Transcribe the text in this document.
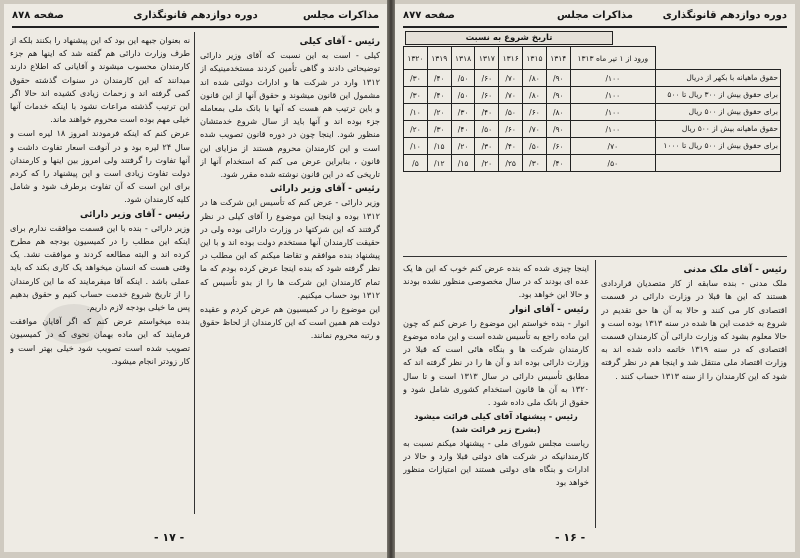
مذاکرات مجلس
دوره دوازدهم قانونگذاری
صفحه ۸۷۸
رئیس - آقای کیلی

کیلی - است به این نسبت که آقای وزیر دارائی توضیحاتی دادند و گاهی تأمین کردند مستخدمینیکه از ۱۳۱۲ وارد در شرکت ها و ادارات دولتی شده اند مشمول این قانون میشوند و حقوق آنها از این قانون و باین ترتیب هم هست که آنها با بانک ملی بمعامله جزء بوده اند و آنها باید از سال شروع خدمتشان منظور شود. اینجا چون در دوره قانون تصویب شده است و این کارمندان محروم هستند از مزایای این قانون ، بنابراین عرض می کنم که استخدام آنها از تاریخی که در این قانون نوشته شده مقرر شود.

رئیس - آقای وزیر دارائی

وزیر دارائی - عرض کنم که تأسیس این شرکت ها در ۱۳۱۲ بوده و اینجا این موضوع را آقای کیلی در نظر گرفتند که این شرکتها در وزارت دارائی بوده ولی در حقیقت کارمندان آنها مستخدم دولت بوده اند و با این پیشنهاد بنده موافقم و تقاضا میکنم که این مطلب در نظر گرفته شود که بنده اینجا عرض کرده بودم که ما تمام کارمندان این شرکت ها را از بدو تأسیس که ۱۳۱۲ بود حساب میکنیم.

این موضوع را در کمیسیون هم عرض کردم و عقیده دولت هم همین است که این کارمندان از لحاظ حقوق و رتبه محروم نمانند.

نه بعنوان جبهه این بود که این پیشنهاد را بکنند بلکه از طرف وزارت دارائی هم گفته شد که اینها هم جزء کارمندان محسوب میشوند و آقایانی که اطلاع دارند میدانند که این کارمندان در سنوات گذشته حقوق کمی گرفته اند و زحمات زیادی کشیده اند حالا اگر این ترتیب گذشته مراعات نشود با اینکه خدمات آنها خیلی مهم بوده است محروم خواهند ماند.

عرض کنم که اینکه فرمودند امروز ۱۸ لیره است و سال ۲۴ لیره بود و در آنوقت اسعار تفاوت داشت و آنها تفاوت را گرفتند ولی امروز بین اینها و کارمندان دولت تفاوت زیادی است و این پیشنهاد را که کردم برای این است که آن تفاوت برطرف شود و شامل کلیه کارمندان شود.

رئیس - آقای وزیر دارائی

وزیر دارائی - بنده با این قسمت موافقت ندارم برای اینکه این مطلب را در کمیسیون بودجه هم مطرح کرده اند و البته مطالعه کردند و موافقت نشد. یک وقتی هست که انسان میخواهد یک کاری بکند که باید عملی باشد . اینکه آقا میفرمایند که ما این کارمندان را از تاریخ شروع خدمت حساب کنیم و حقوق بدهیم پس ما خیلی بودجه لازم داریم.

بنده میخواستم عرض کنم که اگر آقایان موافقت فرمایند که این ماده بهمان نحوی که در کمیسیون تصویب شده است تصویب شود خیلی بهتر است و کار زودتر انجام میشود.

- ۱۷ -
دوره دوازدهم قانونگذاری
مذاکرات مجلس
صفحه ۸۷۷
تاریخ شروع به نسبت
	ورود از ۱ تیر ماه ۱۳۱۳	۱۳۱۴	۱۳۱۵	۱۳۱۶	۱۳۱۷	۱۳۱۸	۱۳۱۹	۱۳۲۰
حقوق ماهیانه با بکهر از دریال	۱۰۰/	۹۰/	۸۰/	۷۰/	۶۰/	۵۰/	۴۰/	۳۰/
برای حقوق بیش از ۳۰۰ ریال تا ۵۰۰	۱۰۰/	۹۰/	۸۰/	۷۰/	۶۰/	۵۰/	۴۰/	۳۰/
برای حقوق بیش از ۵۰۰ ریال	۱۰۰/	۸۰/	۶۰/	۵۰/	۴۰/	۳۰/	۲۰/	۱۰/
حقوق ماهیانه بیش از ۵۰۰ ریال	۱۰۰/	۹۰/	۷۰/	۶۰/	۵۰/	۴۰/	۳۰/	۲۰/
برای حقوق بیش از ۵۰۰ ریال تا ۱۰۰۰	۷۰/	۶۰/	۵۰/	۴۰/	۳۰/	۲۰/	۱۵/	۱۰/
	۵۰/	۴۰/	۳۰/	۲۵/	۲۰/	۱۵/	۱۲/	۵/
رئیس - آقای ملک مدنی

ملک مدنی - بنده سابقه از کار متصدیان قراردادی هستند که این ها قبلا در وزارت دارائی در قسمت اقتصادی کار می کنند و حالا به آن ها حق تقدیم در شروع به خدمت این ها شده در سنه ۱۳۱۳ بوده است و حالا معلوم بشود که وزارت دارائی آن کارمندان قسمت اقتصادی که در سنه ۱۳۱۹ خاتمه داده شده اند به وزارت اقتصاد ملی منتقل شد و اینجا هم در نظر گرفته شود که این کارمندان را از سنه ۱۳۱۳ حساب کنند .

اینجا چیزی شده که بنده عرض کنم خوب که این ها یک عده ای بودند که در سال مخصوصی منظور نشده بودند و حالا این خواهد بود.

رئیس - آقای انوار

انوار - بنده خواستم این موضوع را عرض کنم که چون این ماده راجع به تأسیس شده است و این ماده موضوع کارمندان شرکت ها و بنگاه هائی است که قبلا در وزارت دارائی بوده اند و آن ها را در نظر گرفته اند که مطابق تأسیس دارائی در سال ۱۳۱۳ است و تا سال ۱۳۲۰ به آن ها قانون استخدام کشوری شامل شود و حقوق از بانک ملی داده شود .

رئیس - پیشنهاد آقای کیلی قرائت میشود
(بشرح زیر قرائت شد)

ریاست مجلس شورای ملی - پیشنهاد میکنم نسبت به کارمندانیکه در شرکت های دولتی قبلا وارد و حالا در ادارات و بنگاه های دولتی هستند این امتیازات منظور خواهد بود

- ۱۶ -
